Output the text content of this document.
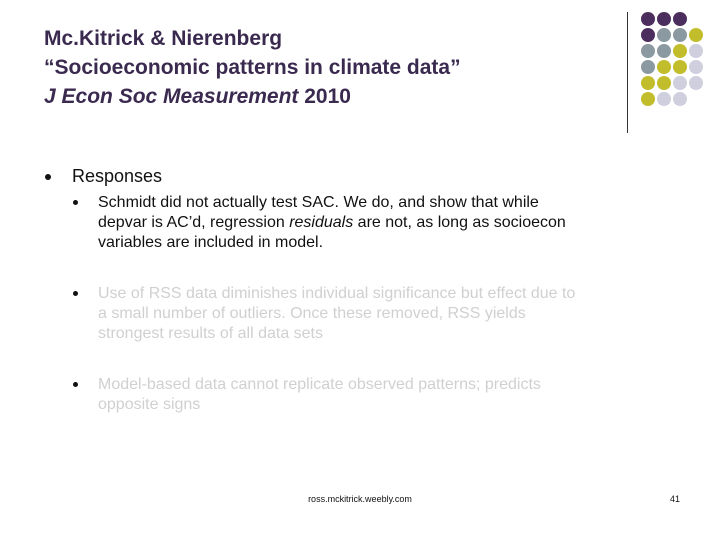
Mc.Kitrick & Nierenberg
“Socioeconomic patterns in climate data”
J Econ Soc Measurement 2010
Responses
Schmidt did not actually test SAC. We do, and show that while
depvar is AC’d, regression residuals are not, as long as socioecon
variables are included in model.
Use of RSS data diminishes individual significance but effect due to
a small number of outliers. Once these removed, RSS yields
strongest results of all data sets
Model-based data cannot replicate observed patterns; predicts
opposite signs
ross.mckitrick.weebly.com	41
